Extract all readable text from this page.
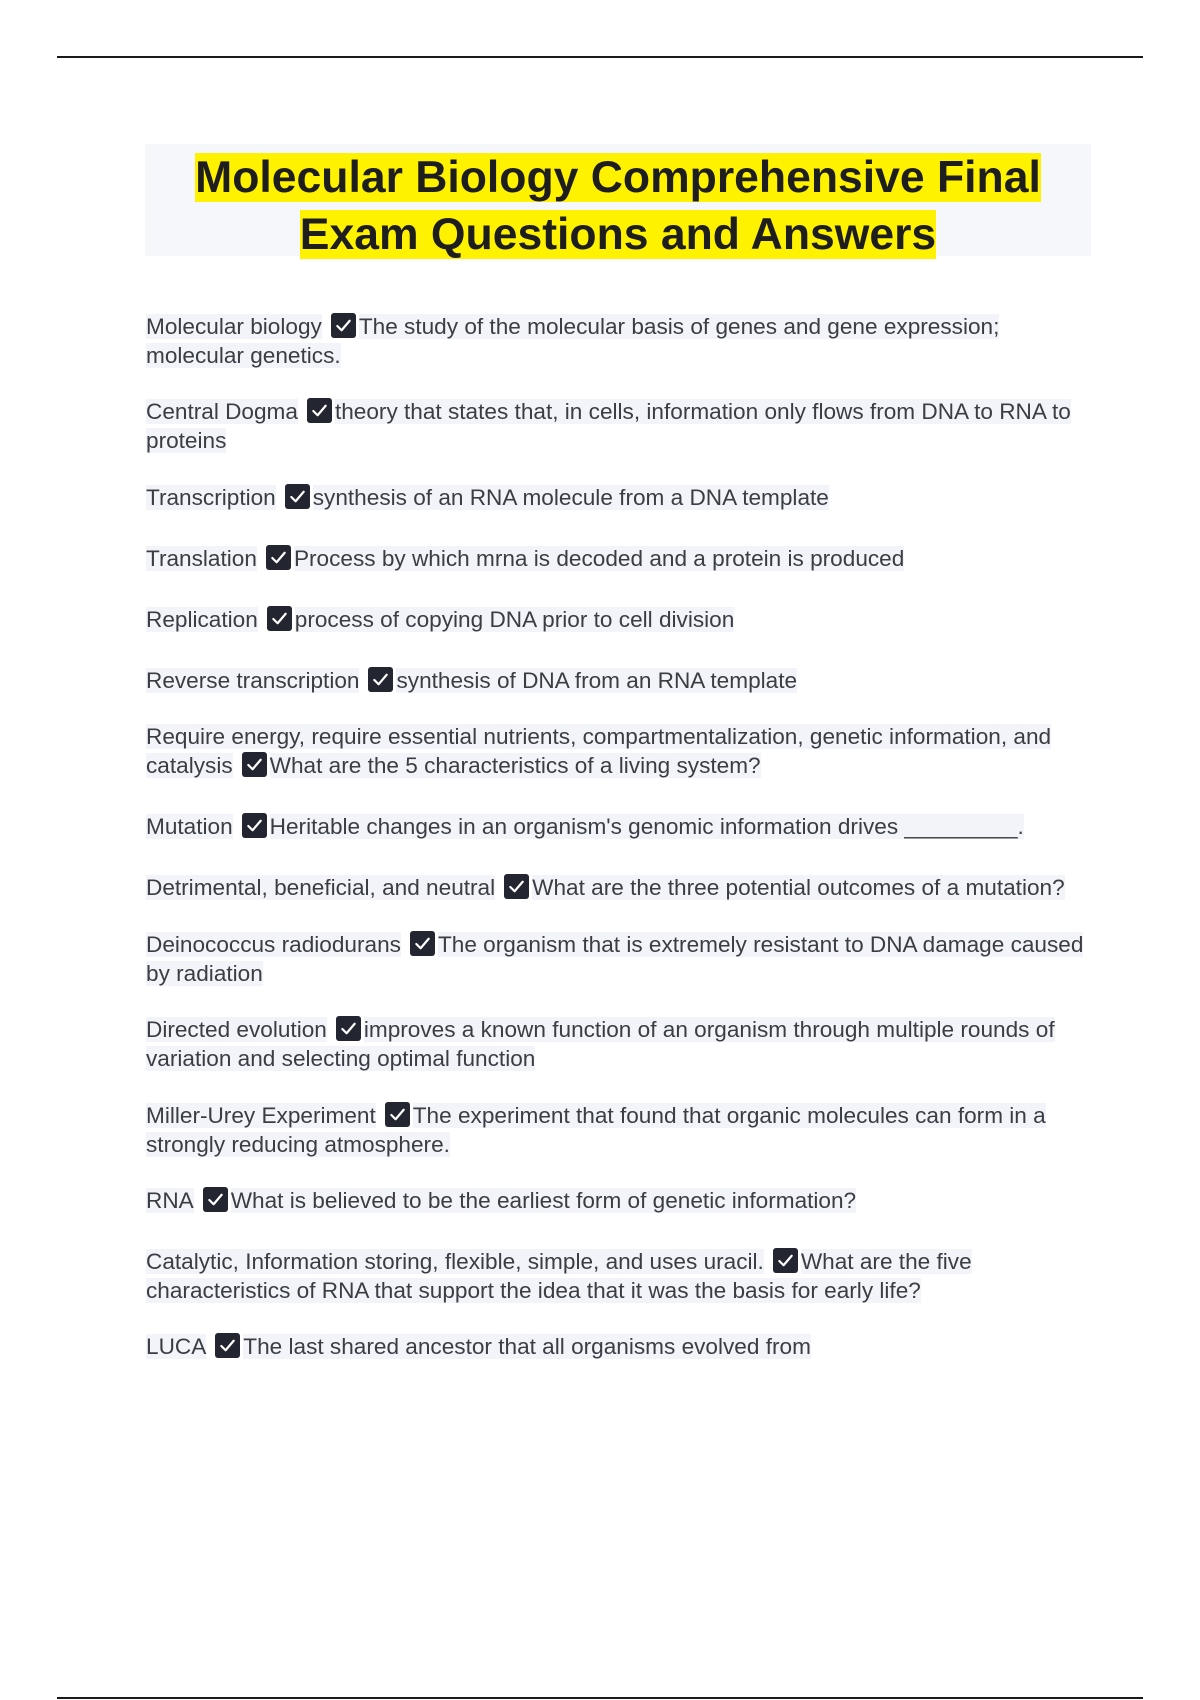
Molecular Biology Comprehensive Final Exam Questions and Answers
Molecular biology The study of the molecular basis of genes and gene expression; molecular genetics.
Central Dogma theory that states that, in cells, information only flows from DNA to RNA to proteins
Transcription synthesis of an RNA molecule from a DNA template
Translation Process by which mrna is decoded and a protein is produced
Replication process of copying DNA prior to cell division
Reverse transcription synthesis of DNA from an RNA template
Require energy, require essential nutrients, compartmentalization, genetic information, and catalysis What are the 5 characteristics of a living system?
Mutation Heritable changes in an organism's genomic information drives _________.
Detrimental, beneficial, and neutral What are the three potential outcomes of a mutation?
Deinococcus radiodurans The organism that is extremely resistant to DNA damage caused by radiation
Directed evolution improves a known function of an organism through multiple rounds of variation and selecting optimal function
Miller-Urey Experiment The experiment that found that organic molecules can form in a strongly reducing atmosphere.
RNA What is believed to be the earliest form of genetic information?
Catalytic, Information storing, flexible, simple, and uses uracil. What are the five characteristics of RNA that support the idea that it was the basis for early life?
LUCA The last shared ancestor that all organisms evolved from
